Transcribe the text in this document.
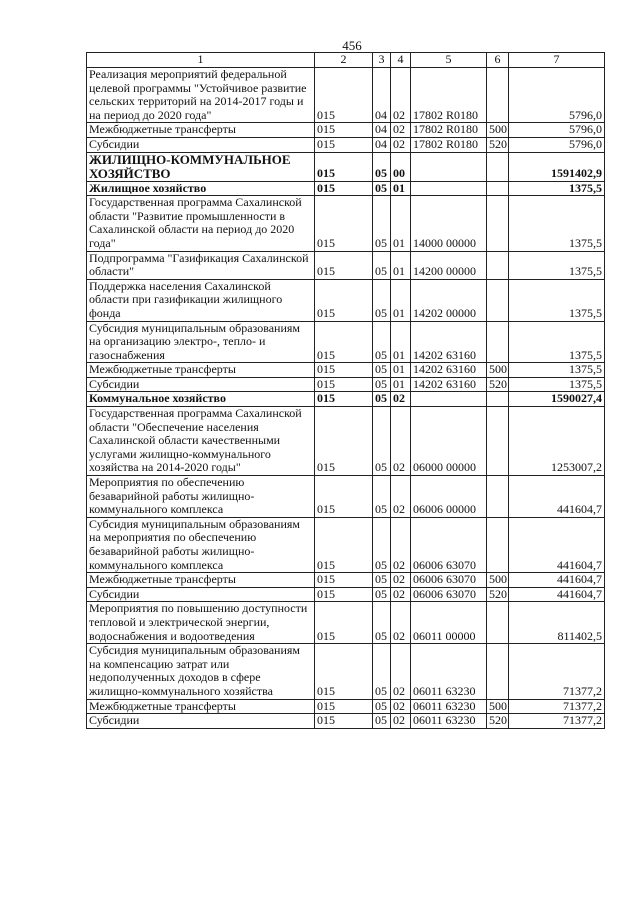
456
1	2	3	4	5	6	7
Реализация мероприятий федеральной целевой программы "Устойчивое развитие сельских территорий на 2014-2017 годы и на период до 2020 года"	015	04	02	17802 R0180		5796,0
Межбюджетные трансферты	015	04	02	17802 R0180	500	5796,0
Субсидии	015	04	02	17802 R0180	520	5796,0
ЖИЛИЩНО-КОММУНАЛЬНОЕ ХОЗЯЙСТВО	015	05	00			1591402,9
Жилищное хозяйство	015	05	01			1375,5
Государственная программа Сахалинской области "Развитие промышленности в Сахалинской области на период до 2020 года"	015	05	01	14000 00000		1375,5
Подпрограмма "Газификация Сахалинской области"	015	05	01	14200 00000		1375,5
Поддержка населения Сахалинской области при газификации жилищного фонда	015	05	01	14202 00000		1375,5
Субсидия муниципальным образованиям на организацию электро-, тепло- и газоснабжения	015	05	01	14202 63160		1375,5
Межбюджетные трансферты	015	05	01	14202 63160	500	1375,5
Субсидии	015	05	01	14202 63160	520	1375,5
Коммунальное хозяйство	015	05	02			1590027,4
Государственная программа Сахалинской области "Обеспечение населения Сахалинской области качественными услугами жилищно-коммунального хозяйства на 2014-2020 годы"	015	05	02	06000 00000		1253007,2
Мероприятия по обеспечению безаварийной работы жилищно-коммунального комплекса	015	05	02	06006 00000		441604,7
Субсидия муниципальным образованиям на мероприятия по обеспечению безаварийной работы жилищно-коммунального комплекса	015	05	02	06006 63070		441604,7
Межбюджетные трансферты	015	05	02	06006 63070	500	441604,7
Субсидии	015	05	02	06006 63070	520	441604,7
Мероприятия по повышению доступности тепловой и электрической энергии, водоснабжения и водоотведения	015	05	02	06011 00000		811402,5
Субсидия муниципальным образованиям на компенсацию затрат или недополученных доходов в сфере жилищно-коммунального хозяйства	015	05	02	06011 63230		71377,2
Межбюджетные трансферты	015	05	02	06011 63230	500	71377,2
Субсидии	015	05	02	06011 63230	520	71377,2
